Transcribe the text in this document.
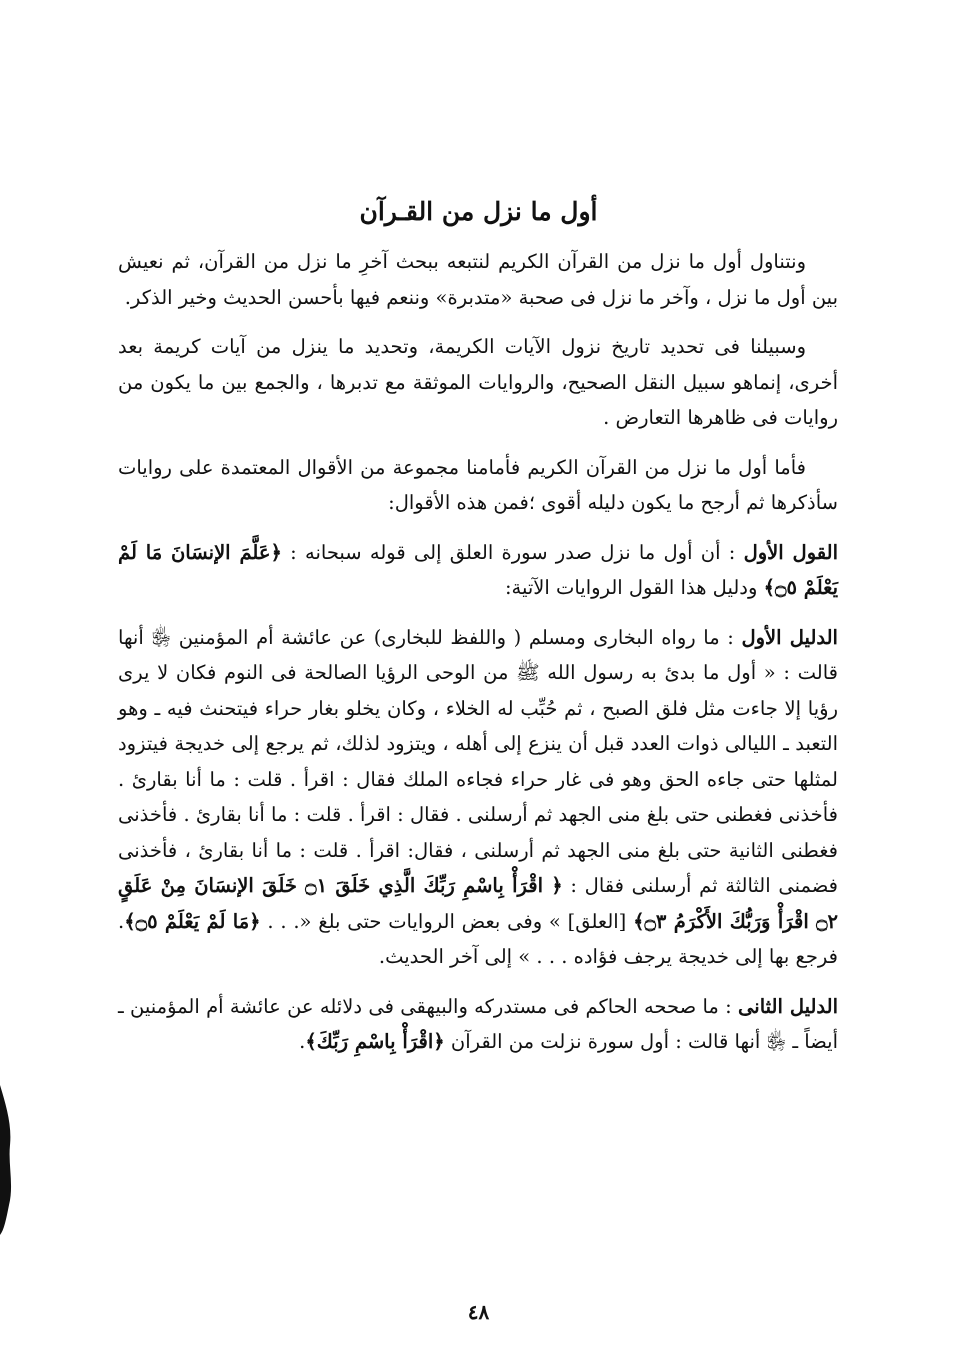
أول ما نزل من القـرآن

ونتناول أول ما نزل من القرآن الكريم لنتبعه ببحث آخرِ ما نزل من القرآن، ثم نعيش بين أول ما نزل ، وآخر ما نزل فى صحبة «متدبرة» وننعم فيها بأحسن الحديث وخير الذكر.

وسبيلنا فى تحديد تاريخ نزول الآيات الكريمة، وتحديد ما ينزل من آيات كريمة بعد أخرى، إنماهو سبيل النقل الصحيح، والروايات الموثقة مع تدبرها ، والجمع بين ما يكون من روايات فى ظاهرها التعارض .

فأما أول ما نزل من القرآن الكريم فأمامنا مجموعة من الأقوال المعتمدة على روايات سأذكرها ثم أرجح ما يكون دليله أقوى ؛فمن هذه الأقوال:

القول الأول : أن أول ما نزل صدر سورة العلق إلى قوله سبحانه : ﴿عَلَّمَ الإنسَانَ مَا لَمْ يَعْلَمْ ۝٥﴾ ودليل هذا القول الروايات الآتية:

الدليل الأول : ما رواه البخارى ومسلم ( واللفظ للبخارى) عن عائشة أم المؤمنين ﵂ أنها قالت : « أول ما بدئ به رسول الله ﷺ من الوحى الرؤيا الصالحة فى النوم فكان لا يرى رؤيا إلا جاءت مثل فلق الصبح ، ثم حُبِّب له الخلاء ، وكان يخلو بغار حراء فيتحنث فيه ـ وهو التعبد ـ الليالى ذوات العدد قبل أن ينزع إلى أهله ، ويتزود لذلك، ثم يرجع إلى خديجة فيتزود لمثلها حتى جاءه الحق وهو فى غار حراء فجاءه الملك فقال : اقرأ . قلت : ما أنا بقارئ . فأخذنى فغطنى حتى بلغ منى الجهد ثم أرسلنى . فقال : اقرأ . قلت : ما أنا بقارئ . فأخذنى فغطنى الثانية حتى بلغ منى الجهد ثم أرسلنى ، فقال: اقرأ . قلت : ما أنا بقارئ ، فأخذنى فضمنى الثالثة ثم أرسلنى فقال : ﴿ اقْرَأْ بِاسْمِ رَبِّكَ الَّذِي خَلَقَ ۝١ خَلَقَ الإنسَانَ مِنْ عَلَقٍ ۝٢ اقْرَأْ وَرَبُّكَ الأَكْرَمُ ۝٣﴾ [العلق] » وفى بعض الروايات حتى بلغ «. . . ﴿مَا لَمْ يَعْلَمْ ۝٥﴾. فرجع بها إلى خديجة يرجف فؤاده . . . » إلى آخر الحديث.

الدليل الثانى : ما صححه الحاكم فى مستدركه والبيهقى فى دلائله عن عائشة أم المؤمنين ـ أيضاً ـ ﵂ أنها قالت : أول سورة نزلت من القرآن ﴿اقْرَأْ بِاسْمِ رَبِّكَ﴾.

٤٨
